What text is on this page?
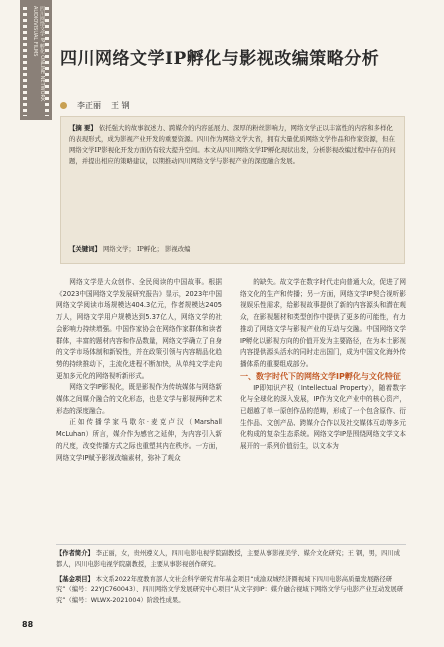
四川网络文学 IP 孵化 ONLINE NETWORK AUDIOVISUAL FILMS
四川网络文学IP孵化与影视改编策略分析
李正丽 王 钢
【摘 要】 依托强大的故事叙述力、跨媒介的内容延展力、深厚的粉丝影响力，网络文学正以丰富性的内容和多样化的表现形式，成为影视产业开发的重要资源。四川作为网络文学大省，拥有大量优质网络文学作品和作家资源，但在网络文学IP影视化开发方面仍有较大提升空间。本文从四川网络文学IP孵化现状出发，分析影视改编过程中存在的问题，并提出相应的策略建议，以期推动四川网络文学与影视产业的深度融合发展。
【关键词】 网络文学； IP孵化； 影视改编

网络文学是大众创作、全民阅读的中国故事。根据《2023中国网络文学发展研究报告》显示，2023年中国网络文学阅读市场规模达404.3亿元，作者规模达2405万人，网络文学用户规模达到5.37亿人，网络文学的社会影响力持续增强。中国作家协会在网络作家群体和读者群体，丰富的题材内容和作品数量，网络文学确立了自身的文学市场体制和新锐性，并在政策引领与内容精品化趋势的持续推动下，主流化进程不断加快，从单纯文学走向更加多元化的网络视听新形式。

网络文学IP影视化，既是影视作为传统媒体与网络新媒体之间媒介融合的文化形态，也是文学与影视两种艺术形态的深度融合。

正如传播学家马歇尔·麦克卢汉（Marshall McLuhan）所言，媒介作为感官之延伸，为内容引入新的尺度，改变传播方式之际也重塑其内在秩序。一方面，网络文学IP赋予影视改编素材，弥补了观众

的缺失。故文学在数字时代走向普通大众，促进了网络文化的生产和传播；另一方面，网络文学IP契合视听影视娱乐性需求，给影视故事提供了新的内容源头和潜在观众，在影视题材和类型创作中提供了更多的可能性，有力推动了网络文学与影视产业的互动与交融。中国网络文学IP孵化以影视方向的价值开发为主要路径，在为本土影视内容提供源头活水的同时走出国门，成为中国文化海外传播体系的重要组成部分。

一、数字时代下的网络文学IP孵化与文化特征

IP即知识产权（Intellectual Property），随着数字化与全球化的深入发展，IP作为文化产业中的核心资产，已超越了单一原创作品的范畴，形成了一个包含原作、衍生作品、文创产品、跨媒介合作以及社交媒体互动等多元化构成的复杂生态系统。网络文学IP是围绕网络文学文本展开的一系列价值衍生，以文本为

【作者简介】 李正丽，女，贵州遵义人，四川电影电视学院副教授，主要从事影视美学、媒介文化研究；王 钢，男，四川成都人，四川电影电视学院副教授，主要从事影视创作研究。
【基金项目】 本文系2022年度教育部人文社会科学研究青年基金项目“成渝双城经济圈视域下四川电影高质量发展路径研究”（编号：22YJC760043）、四川网络文学发展研究中心项目“从文字到IP：媒介融合视域下网络文学与电影产业互动发展研究”（编号：WLWX-2021004）阶段性成果。
88
